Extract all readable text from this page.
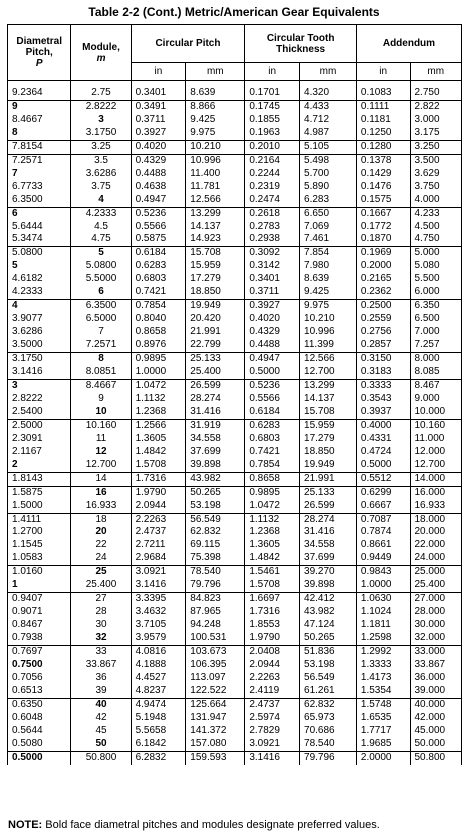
Table 2-2 (Cont.) Metric/American Gear Equivalents
Diametral Pitch,
P	Module,
m	Circular Pitch		Circular Tooth Thickness		Addendum	
		in	mm	in	mm	in	mm

9.2364	2.75	0.3401	8.639	0.1701	4.320	0.1083	2.750
9	2.8222	0.3491	8.866	0.1745	4.433	0.1111	2.822
8.4667	3	0.3711	9.425	0.1855	4.712	0.1181	3.000
8	3.1750	0.3927	9.975	0.1963	4.987	0.1250	3.175
7.8154	3.25	0.4020	10.210	0.2010	5.105	0.1280	3.250
7.2571	3.5	0.4329	10.996	0.2164	5.498	0.1378	3.500
7	3.6286	0.4488	11.400	0.2244	5.700	0.1429	3.629
6.7733	3.75	0.4638	11.781	0.2319	5.890	0.1476	3.750
6.3500	4	0.4947	12.566	0.2474	6.283	0.1575	4.000
6	4.2333	0.5236	13.299	0.2618	6.650	0.1667	4.233
5.6444	4.5	0.5566	14.137	0.2783	7.069	0.1772	4.500
5.3474	4.75	0.5875	14.923	0.2938	7.461	0.1870	4.750
5.0800	5	0.6184	15.708	0.3092	7.854	0.1969	5.000
5	5.0800	0.6283	15.959	0.3142	7.980	0.2000	5.080
4.6182	5.5000	0.6803	17.279	0.3401	8.639	0.2165	5.500
4.2333	6	0.7421	18.850	0.3711	9.425	0.2362	6.000
4	6.3500	0.7854	19.949	0.3927	9.975	0.2500	6.350
3.9077	6.5000	0.8040	20.420	0.4020	10.210	0.2559	6.500
3.6286	7	0.8658	21.991	0.4329	10.996	0.2756	7.000
3.5000	7.2571	0.8976	22.799	0.4488	11.399	0.2857	7.257
3.1750	8	0.9895	25.133	0.4947	12.566	0.3150	8.000
3.1416	8.0851	1.0000	25.400	0.5000	12.700	0.3183	8.085
3	8.4667	1.0472	26.599	0.5236	13.299	0.3333	8.467
2.8222	9	1.1132	28.274	0.5566	14.137	0.3543	9.000
2.5400	10	1.2368	31.416	0.6184	15.708	0.3937	10.000
2.5000	10.160	1.2566	31.919	0.6283	15.959	0.4000	10.160
2.3091	11	1.3605	34.558	0.6803	17.279	0.4331	11.000
2.1167	12	1.4842	37.699	0.7421	18.850	0.4724	12.000
2	12.700	1.5708	39.898	0.7854	19.949	0.5000	12.700
1.8143	14	1.7316	43.982	0.8658	21.991	0.5512	14.000
1.5875	16	1.9790	50.265	0.9895	25.133	0.6299	16.000
1.5000	16.933	2.0944	53.198	1.0472	26.599	0.6667	16.933
1.4111	18	2.2263	56.549	1.1132	28.274	0.7087	18.000
1.2700	20	2.4737	62.832	1.2368	31.416	0.7874	20.000
1.1545	22	2.7211	69.115	1.3605	34.558	0.8661	22.000
1.0583	24	2.9684	75.398	1.4842	37.699	0.9449	24.000
1.0160	25	3.0921	78.540	1.5461	39.270	0.9843	25.000
1	25.400	3.1416	79.796	1.5708	39.898	1.0000	25.400
0.9407	27	3.3395	84.823	1.6697	42.412	1.0630	27.000
0.9071	28	3.4632	87.965	1.7316	43.982	1.1024	28.000
0.8467	30	3.7105	94.248	1.8553	47.124	1.1811	30.000
0.7938	32	3.9579	100.531	1.9790	50.265	1.2598	32.000
0.7697	33	4.0816	103.673	2.0408	51.836	1.2992	33.000
0.7500	33.867	4.1888	106.395	2.0944	53.198	1.3333	33.867
0.7056	36	4.4527	113.097	2.2263	56.549	1.4173	36.000
0.6513	39	4.8237	122.522	2.4119	61.261	1.5354	39.000
0.6350	40	4.9474	125.664	2.4737	62.832	1.5748	40.000
0.6048	42	5.1948	131.947	2.5974	65.973	1.6535	42.000
0.5644	45	5.5658	141.372	2.7829	70.686	1.7717	45.000
0.5080	50	6.1842	157.080	3.0921	78.540	1.9685	50.000
0.5000	50.800	6.2832	159.593	3.1416	79.796	2.0000	50.800
NOTE: Bold face diametral pitches and modules designate preferred values.
